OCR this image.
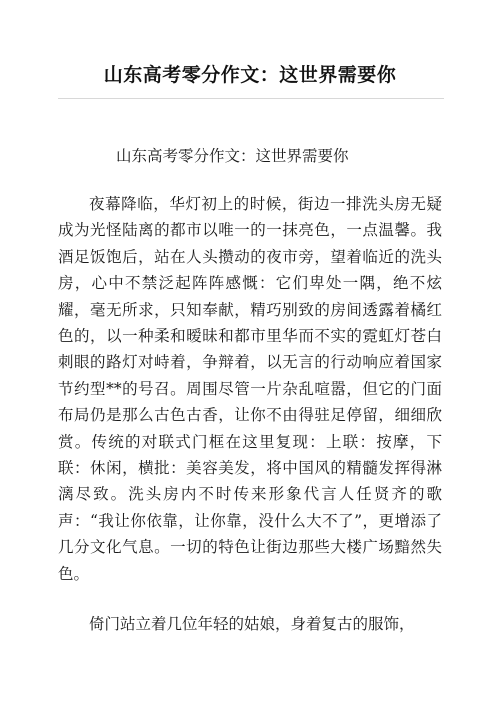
山东高考零分作文：这世界需要你

山东高考零分作文：这世界需要你

夜幕降临，华灯初上的时候，街边一排洗头房无疑成为光怪陆离的都市以唯一的一抹亮色，一点温馨。我酒足饭饱后，站在人头攒动的夜市旁，望着临近的洗头房，心中不禁泛起阵阵感慨：它们卑处一隅，绝不炫耀，毫无所求，只知奉献，精巧别致的房间透露着橘红色的，以一种柔和暧昧和都市里华而不实的霓虹灯苍白刺眼的路灯对峙着，争辩着，以无言的行动响应着国家节约型**的号召。周围尽管一片杂乱喧嚣，但它的门面布局仍是那么古色古香，让你不由得驻足停留，细细欣赏。传统的对联式门框在这里复现：上联：按摩，下联：休闲，横批：美容美发，将中国风的精髓发挥得淋漓尽致。洗头房内不时传来形象代言人任贤齐的歌声：“我让你依靠，让你靠，没什么大不了”，更增添了几分文化气息。一切的特色让街边那些大楼广场黯然失色。

倚门站立着几位年轻的姑娘，身着复古的服饰，
